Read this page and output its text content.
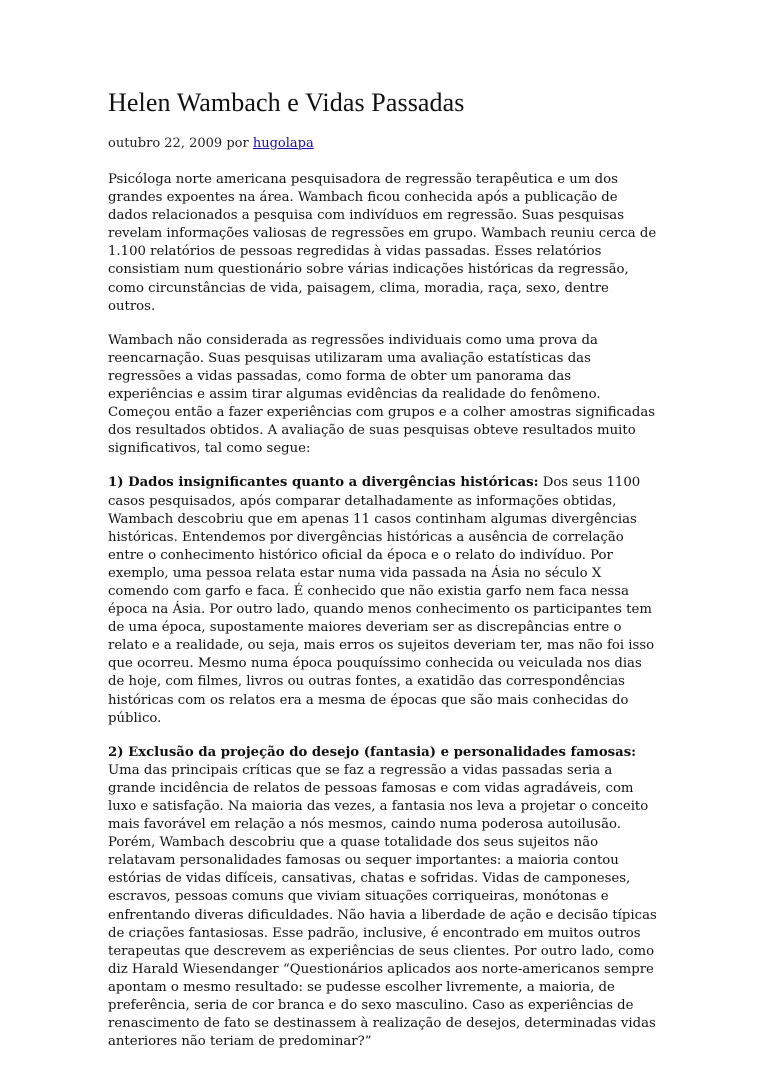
Helen Wambach e Vidas Passadas

outubro 22, 2009 por hugolapa

Psicóloga norte americana pesquisadora de regressão terapêutica e um dos grandes expoentes na área. Wambach ficou conhecida após a publicação de dados relacionados a pesquisa com indivíduos em regressão. Suas pesquisas revelam informações valiosas de regressões em grupo. Wambach reuniu cerca de 1.100 relatórios de pessoas regredidas à vidas passadas. Esses relatórios consistiam num questionário sobre várias indicações históricas da regressão, como circunstâncias de vida, paisagem, clima, moradia, raça, sexo, dentre outros.

Wambach não considerada as regressões individuais como uma prova da reencarnação. Suas pesquisas utilizaram uma avaliação estatísticas das regressões a vidas passadas, como forma de obter um panorama das experiências e assim tirar algumas evidências da realidade do fenômeno. Começou então a fazer experiências com grupos e a colher amostras significadas dos resultados obtidos. A avaliação de suas pesquisas obteve resultados muito significativos, tal como segue:

1) Dados insignificantes quanto a divergências históricas: Dos seus 1100 casos pesquisados, após comparar detalhadamente as informações obtidas, Wambach descobriu que em apenas 11 casos continham algumas divergências históricas. Entendemos por divergências históricas a ausência de correlação entre o conhecimento histórico oficial da época e o relato do indivíduo. Por exemplo, uma pessoa relata estar numa vida passada na Ásia no século X comendo com garfo e faca. É conhecido que não existia garfo nem faca nessa época na Ásia. Por outro lado, quando menos conhecimento os participantes tem de uma época, supostamente maiores deveriam ser as discrepâncias entre o relato e a realidade, ou seja, mais erros os sujeitos deveriam ter, mas não foi isso que ocorreu. Mesmo numa época pouquíssimo conhecida ou veiculada nos dias de hoje, com filmes, livros ou outras fontes, a exatidão das correspondências históricas com os relatos era a mesma de épocas que são mais conhecidas do público.

2) Exclusão da projeção do desejo (fantasia) e personalidades famosas: Uma das principais críticas que se faz a regressão a vidas passadas seria a grande incidência de relatos de pessoas famosas e com vidas agradáveis, com luxo e satisfação. Na maioria das vezes, a fantasia nos leva a projetar o conceito mais favorável em relação a nós mesmos, caindo numa poderosa autoilusão. Porém, Wambach descobriu que a quase totalidade dos seus sujeitos não relatavam personalidades famosas ou sequer importantes: a maioria contou estórias de vidas difíceis, cansativas, chatas e sofridas. Vidas de camponeses, escravos, pessoas comuns que viviam situações corriqueiras, monótonas e enfrentando diveras dificuldades. Não havia a liberdade de ação e decisão típicas de criações fantasiosas. Esse padrão, inclusive, é encontrado em muitos outros terapeutas que descrevem as experiências de seus clientes. Por outro lado, como diz Harald Wiesendanger “Questionários aplicados aos norte-americanos sempre apontam o mesmo resultado: se pudesse escolher livremente, a maioria, de preferência, seria de cor branca e do sexo masculino. Caso as experiências de renascimento de fato se destinassem à realização de desejos, determinadas vidas anteriores não teriam de predominar?”
